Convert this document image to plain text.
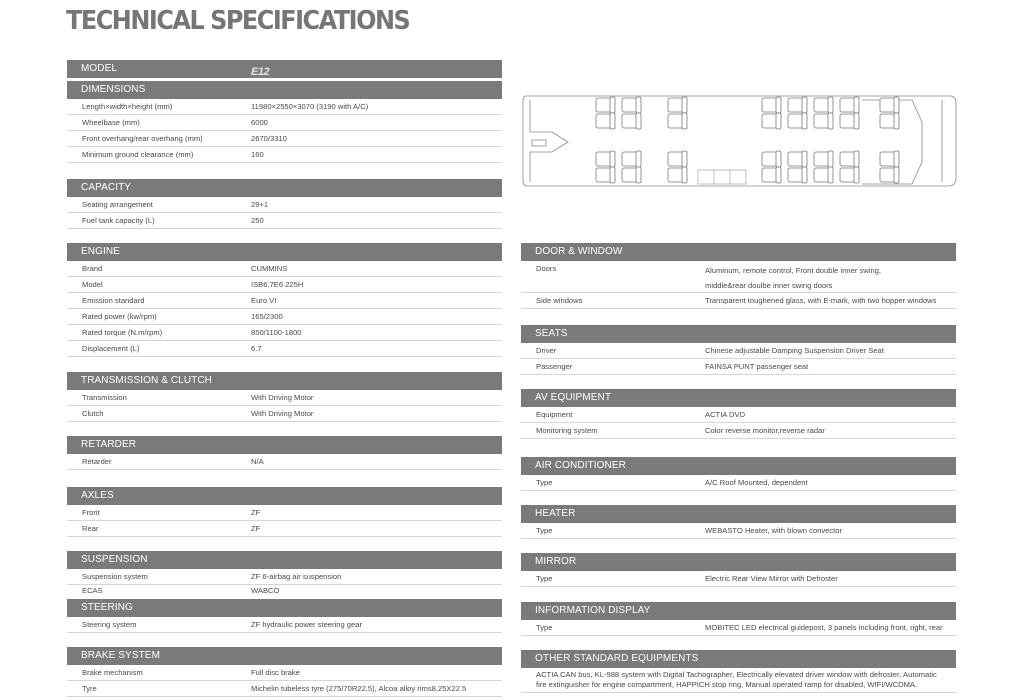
TECHNICAL SPECIFICATIONS
MODEL	E12
DIMENSIONS
Length×width×height (mm)	11980×2550×3070 (3190 with A/C)
Wheelbase (mm)	6000
Front overhang/rear overhang (mm)	2670/3310
Minimum ground clearance (mm)	160
CAPACITY
Seating arrangement	29+1
Fuel tank capacity (L)	250
ENGINE
Brand	CUMMINS
Model	ISB6.7E6 225H
Emission standard	Euro VI
Rated power (kw/rpm)	165/2300
Rated torque (N.m/rpm)	850/1100-1800
Displacement (L)	6.7
TRANSMISSION & CLUTCH
Transmission	With Driving Motor
Clutch	With Driving Motor
RETARDER
Retarder	N/A
AXLES
Front	ZF
Rear	ZF
SUSPENSION
Suspension system	ZF 6-airbag air suspension
ECAS	WABCO
STEERING
Steering system	ZF hydraulic power steering gear
BRAKE SYSTEM
Brake mechanism	Full disc brake
Tyre	Michelin tubeless tyre (275/70R22.5), Alcoa alloy rims8.25X22.5
DOOR & WINDOW
Doors	Aluminum, remote control, Front double inner swing,
middle&rear doulbe inner swing doors
Side windows	Transparent toughened glass, with E-mark, with two hopper windows
SEATS
Driver	Chinese adjustable Damping Suspension Driver Seat
Passenger	FAINSA PUNT passenger seat
AV EQUIPMENT
Equipment	ACTIA DVD
Monitoring system	Color reverse monitor,reverse radar
AIR CONDITIONER
Type	A/C Roof Mounted, dependent
HEATER
Type	WEBASTO Heater, with blown convector
MIRROR
Type	Electric Rear View Mirror with Defroster
INFORMATION DISPLAY
Type	MOBITEC LED electrical guidepost, 3 panels including front, right, rear
OTHER STANDARD EQUIPMENTS
ACTIA CAN bus, KL-988 system with Digital Tachographer, Electrically elevated driver window with defroster, Automatic fire extinguisher for engine compartment, HAPPICH stop ring, Manual operated ramp for disabled, WIFI/WCDMA.
